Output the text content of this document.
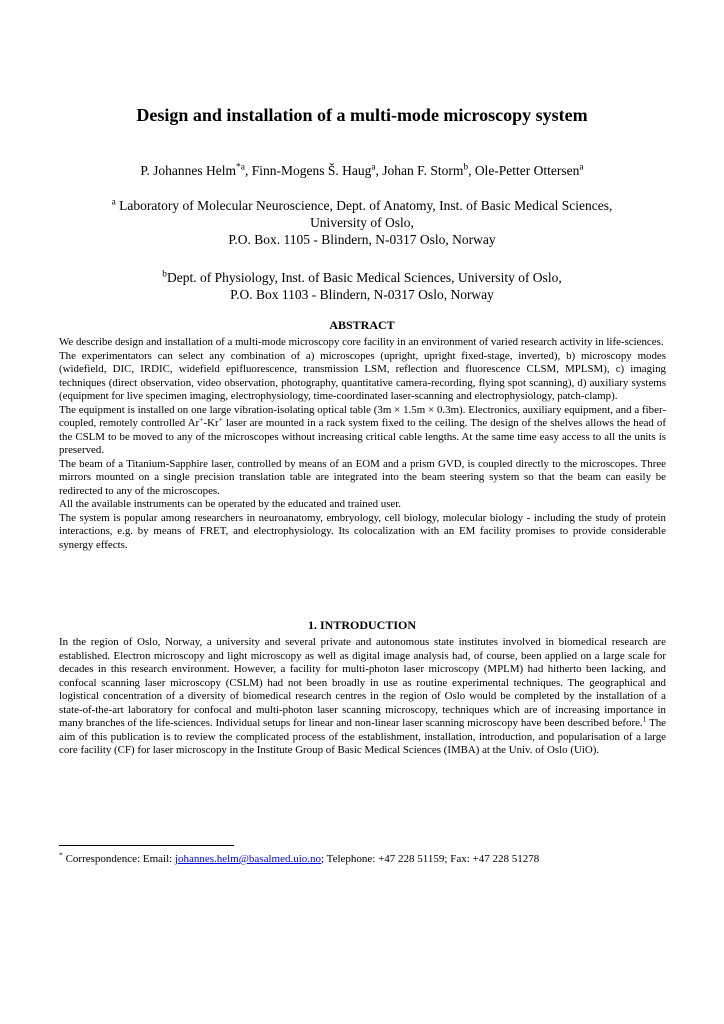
Design and installation of a multi-mode microscopy system
P. Johannes Helm$^{*a}$, Finn-Mogens Š. Haug$^a$, Johan F. Storm$^b$, Ole-Petter Ottersen$^a$
$^a$ Laboratory of Molecular Neuroscience, Dept. of Anatomy, Inst. of Basic Medical Sciences,
University of Oslo,
P.O. Box. 1105 - Blindern, N-0317 Oslo, Norway
$^b$Dept. of Physiology, Inst. of Basic Medical Sciences, University of Oslo,
P.O. Box 1103 - Blindern, N-0317 Oslo, Norway
ABSTRACT

We describe design and installation of a multi-mode microscopy core facility in an environment of varied research activity in life-sciences.

The experimentators can select any combination of a) microscopes (upright, upright fixed-stage, inverted), b) microscopy modes (widefield, DIC, IRDIC, widefield epifluorescence, transmission LSM, reflection and fluorescence CLSM, MPLSM), c) imaging techniques (direct observation, video observation, photography, quantitative camera-recording, flying spot scanning), d) auxiliary systems (equipment for live specimen imaging, electrophysiology, time-coordinated laser-scanning and electrophysiology, patch-clamp).

The equipment is installed on one large vibration-isolating optical table (3m × 1.5m × 0.3m). Electronics, auxiliary equipment, and a fiber-coupled, remotely controlled Ar+-Kr+ laser are mounted in a rack system fixed to the ceiling. The design of the shelves allows the head of the CSLM to be moved to any of the microscopes without increasing critical cable lengths. At the same time easy access to all the units is preserved.

The beam of a Titanium-Sapphire laser, controlled by means of an EOM and a prism GVD, is coupled directly to the microscopes. Three mirrors mounted on a single precision translation table are integrated into the beam steering system so that the beam can easily be redirected to any of the microscopes.

All the available instruments can be operated by the educated and trained user.

The system is popular among researchers in neuroanatomy, embryology, cell biology, molecular biology - including the study of protein interactions, e.g. by means of FRET, and electrophysiology. Its colocalization with an EM facility promises to provide considerable synergy effects.

1. INTRODUCTION

In the region of Oslo, Norway, a university and several private and autonomous state institutes involved in biomedical research are established. Electron microscopy and light microscopy as well as digital image analysis had, of course, been applied on a large scale for decades in this research environment. However, a facility for multi-photon laser microscopy (MPLM) had hitherto been lacking, and confocal scanning laser microscopy (CSLM) had not been broadly in use as routine experimental techniques. The geographical and logistical concentration of a diversity of biomedical research centres in the region of Oslo would be completed by the installation of a state-of-the-art laboratory for confocal and multi-photon laser scanning microscopy, techniques which are of increasing importance in many branches of the life-sciences. Individual setups for linear and non-linear laser scanning microscopy have been described before.$^1$ The aim of this publication is to review the complicated process of the establishment, installation, introduction, and popularisation of a large core facility (CF) for laser microscopy in the Institute Group of Basic Medical Sciences (IMBA) at the Univ. of Oslo (UiO).

* Correspondence: Email: johannes.helm@basalmed.uio.no; Telephone: +47 228 51159; Fax: +47 228 51278
